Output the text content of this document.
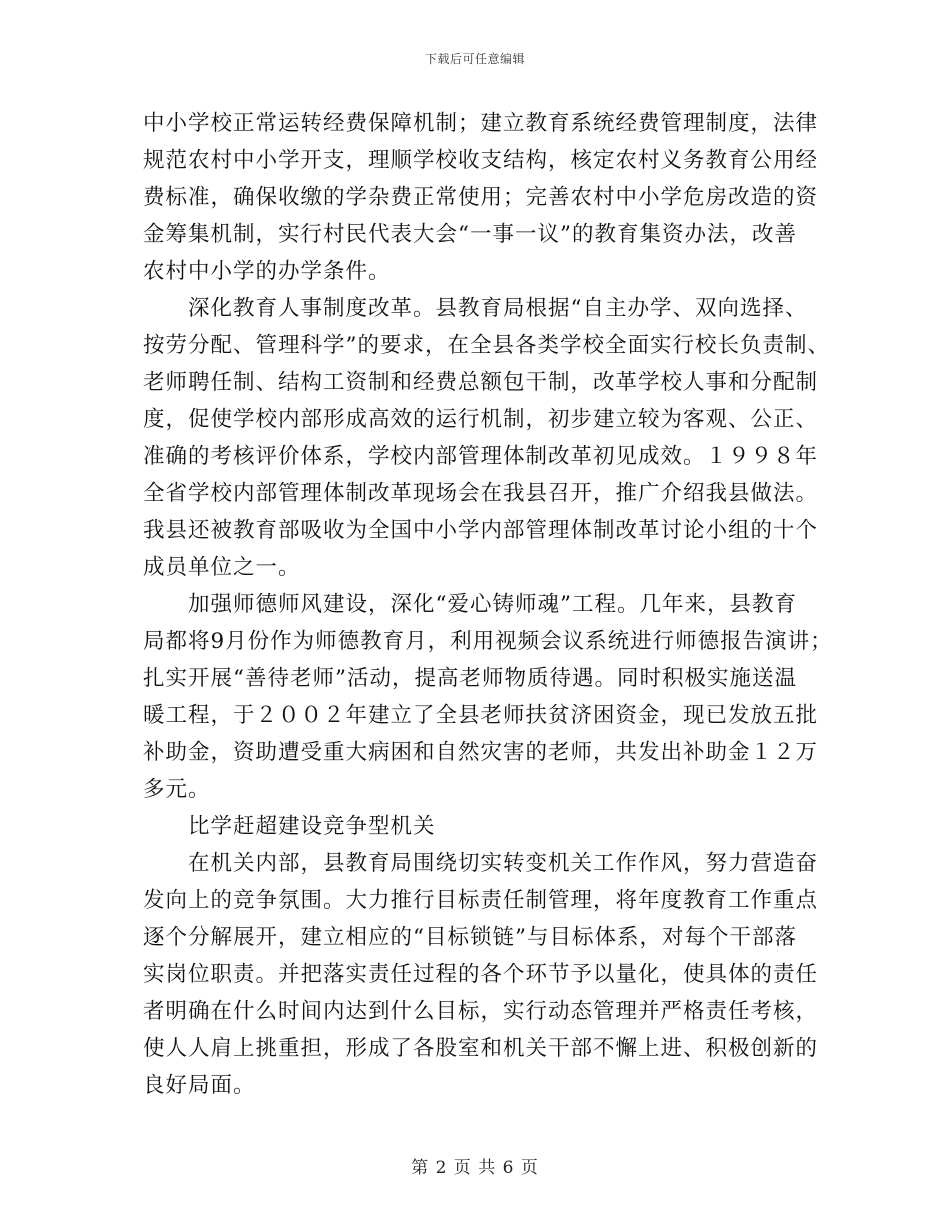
下载后可任意编辑
中小学校正常运转经费保障机制；建立教育系统经费管理制度，法律
规范农村中小学开支，理顺学校收支结构，核定农村义务教育公用经
费标准，确保收缴的学杂费正常使用；完善农村中小学危房改造的资
金筹集机制，实行村民代表大会“一事一议”的教育集资办法，改善
农村中小学的办学条件。
　　深化教育人事制度改革。县教育局根据“自主办学、双向选择、
按劳分配、管理科学”的要求，在全县各类学校全面实行校长负责制、
老师聘任制、结构工资制和经费总额包干制，改革学校人事和分配制
度，促使学校内部形成高效的运行机制，初步建立较为客观、公正、
准确的考核评价体系，学校内部管理体制改革初见成效。１９９８年
全省学校内部管理体制改革现场会在我县召开，推广介绍我县做法。
我县还被教育部吸收为全国中小学内部管理体制改革讨论小组的十个
成员单位之一。
　　加强师德师风建设，深化“爱心铸师魂”工程。几年来，县教育
局都将9月份作为师德教育月，利用视频会议系统进行师德报告演讲；
扎实开展“善待老师”活动，提高老师物质待遇。同时积极实施送温
暖工程，于２００２年建立了全县老师扶贫济困资金，现已发放五批
补助金，资助遭受重大病困和自然灾害的老师，共发出补助金１２万
多元。
　　比学赶超建设竞争型机关
　　在机关内部，县教育局围绕切实转变机关工作作风，努力营造奋
发向上的竞争氛围。大力推行目标责任制管理，将年度教育工作重点
逐个分解展开，建立相应的“目标锁链”与目标体系，对每个干部落
实岗位职责。并把落实责任过程的各个环节予以量化，使具体的责任
者明确在什么时间内达到什么目标，实行动态管理并严格责任考核，
使人人肩上挑重担，形成了各股室和机关干部不懈上进、积极创新的
良好局面。
第 2 页 共 6 页
